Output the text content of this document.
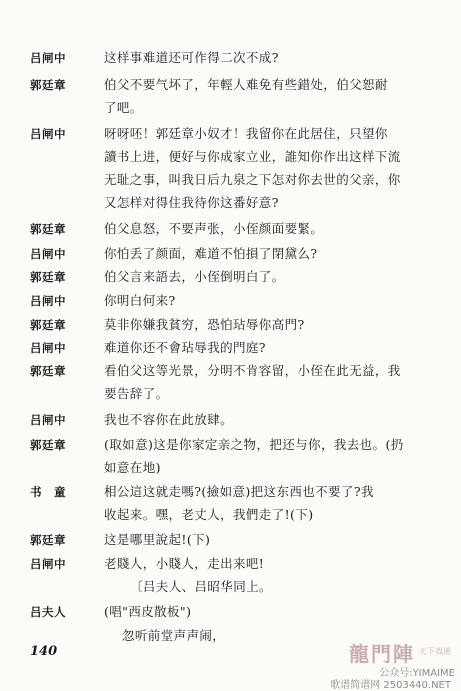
吕闸中	这样事难道还可作得二次不成?
郭廷章	伯父不要气坏了，年輕人难免有些錯处，伯父恕耐
了吧。
吕闸中	呀呀呸！郭廷章小奴才！我留你在此居住，只望你
讀书上进，便好与你成家立业，誰知你作出这样下流
无耻之事，叫我日后九泉之下怎对你去世的父亲，你
又怎样对得住我待你这番好意?
郭廷章	伯父息怒，不要声张，小侄颜面要緊。
吕闸中	你怕丢了颜面，难道不怕損了閉黛么?
郭廷章	伯父言来語去，小侄倒明白了。
吕闸中	你明白何来?
郭廷章	莫非你嫌我貧穷，恐怕玷辱你高門?
吕闸中	难道你还不會玷辱我的門庭?
郭廷章	看伯父这等光景，分明不肯容留，小侄在此无益，我
要告辞了。
吕闸中	我也不容你在此放肆。
郭廷章	(取如意)这是你家定亲之物，把还与你，我去也。(扔
如意在地)
书　童	相公這这就走嗎?(撿如意)把这东西也不要了?我
收起来。嘿，老丈人，我們走了!(下)
郭廷章	这是哪里說起!(下)
吕闸中	老賤人，小賤人，走出来吧!
〔吕夫人、吕昭华同上。
吕夫人	(唱"西皮散板")
忽听前堂声声闹，
140	龍門陣 天下戏迷
公众号:YIMAIME
歌谱简谱网 2503440.NET
